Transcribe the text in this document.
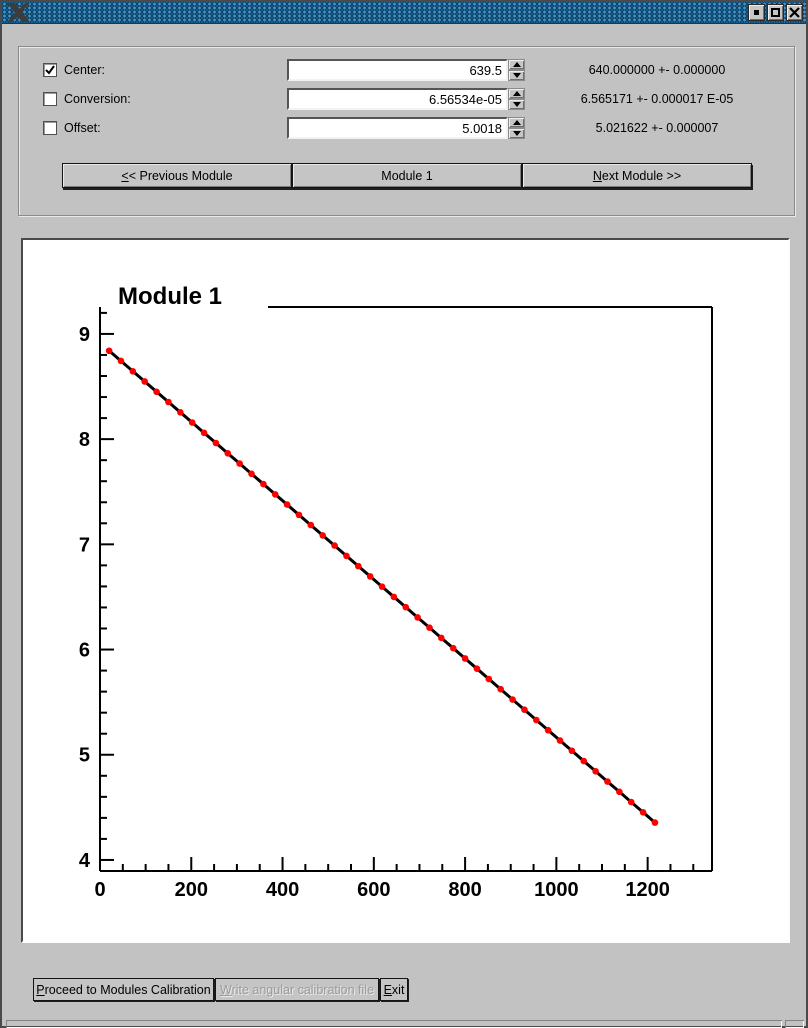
Center:
639.5	640.000000 +- 0.000000
Conversion:
6.56534e-05	6.565171 +- 0.000017 E-05
Offset:
5.0018	5.021622 +- 0.000007
<< Previous Module	Module 1	Next Module >>
0	200	400	600	800	1000 1200
4
5
6
7
8
9
Module 1
Proceed to Modules Calibration Write angular calibration file Exit
